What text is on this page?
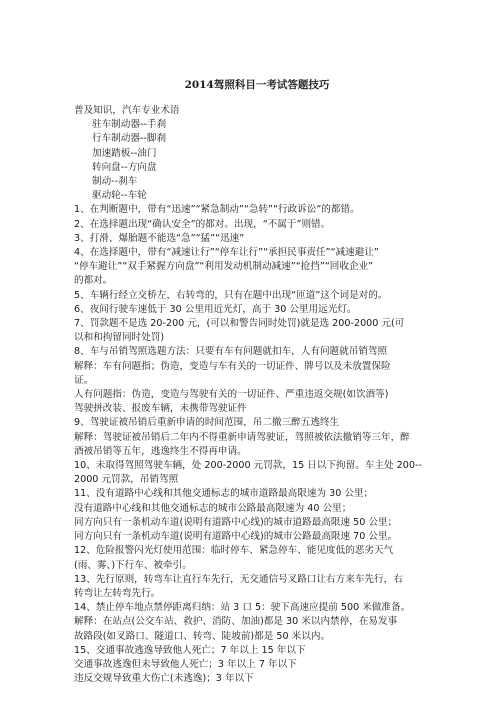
2014驾照科目一考试答题技巧
普及知识，汽车专业术语
驻车制动器--手刹
行车制动器--脚刹
加速踏板--油门
转向盘--方向盘
制动--刹车
驱动轮--车轮
1、在判断题中，带有“迅速”“紧急制动”“急转”“行政诉讼”的都错。
2、在选择题出现“确认安全”的都对。出现，“不属于”则错。
3、打滑、爆胎题不能选“急”“猛”“迅速”
4、在选择题中，带有“减速让行”“停车让行”“承担民事责任”“减速避让”
“停车避让”“双手紧握方向盘”“利用发动机制动减速”“抢挡”“回收企业”
的都对。
5、车辆行经立交桥左，右转弯的，只有在题中出现“匝道”这个词是对的。
6、夜间行驶车速低于 30 公里用近光灯，高于 30 公里用远光灯。
7、罚款题不是选 20-200 元，(可以和警告同时处罚)就是选 200-2000 元(可
以和和拘留同时处罚)
8、车与吊销驾照选题方法：只要有车有问题就扣车，人有问题就吊销驾照
解释：车有问题指；伪造，变造与车有关的一切证件、牌号以及未放置保险
证。
人有问题指：伪造，变造与驾驶有关的一切证件、严重违返交规(如饮酒等)
驾驶拼改装、报废车辆，未携带驾驶证件
9、驾驶证被吊销后重新申请的时间范围，吊二撤三醉五逃终生
解释：驾驶证被吊销后二年内不得重新申请驾驶证，驾照被依法撤销等三年，醉
酒被吊销等五年，逃逸终生不得再申请。
10、未取得驾照驾驶车辆，处 200-2000 元罚款，15 日以下拘留。车主处 200--
2000 元罚款，吊销驾照
11、没有道路中心线和其他交通标志的城市道路最高限速为 30 公里；
没有道路中心线和其他交通标志的城市公路最高限速为 40 公里；
同方向只有一条机动车道(说明有道路中心线)的城市道路最高限速 50 公里；
同方向只有一条机动车道(说明有道路中心线)的城市公路最高限速 70 公里。
12、危险报警闪光灯使用范围：临时停车、紧急停车、能见度低的恶劣天气
(雨、雾、)下行车、被牵引。
13、先行原则，转弯车让直行车先行，无交通信号叉路口让右方来车先行，右
转弯让左转弯先行。
14、禁止停车地点禁停距离归纳：站 3 口 5：驶下高速应提前 500 米做准备。
解释：在站点(公交车站、救护、消防、加油)都是 30 米以内禁停，在易发事
故路段(如叉路口、隧道口、转弯、陡坡前)都是 50 米以内。
15、交通事故逃逸导致他人死亡；7 年以上 15 年以下
交通事故逃逸但未导致他人死亡；3 年以上 7 年以下
违反交规导致重大伤亡(未逃逸)；3 年以下
